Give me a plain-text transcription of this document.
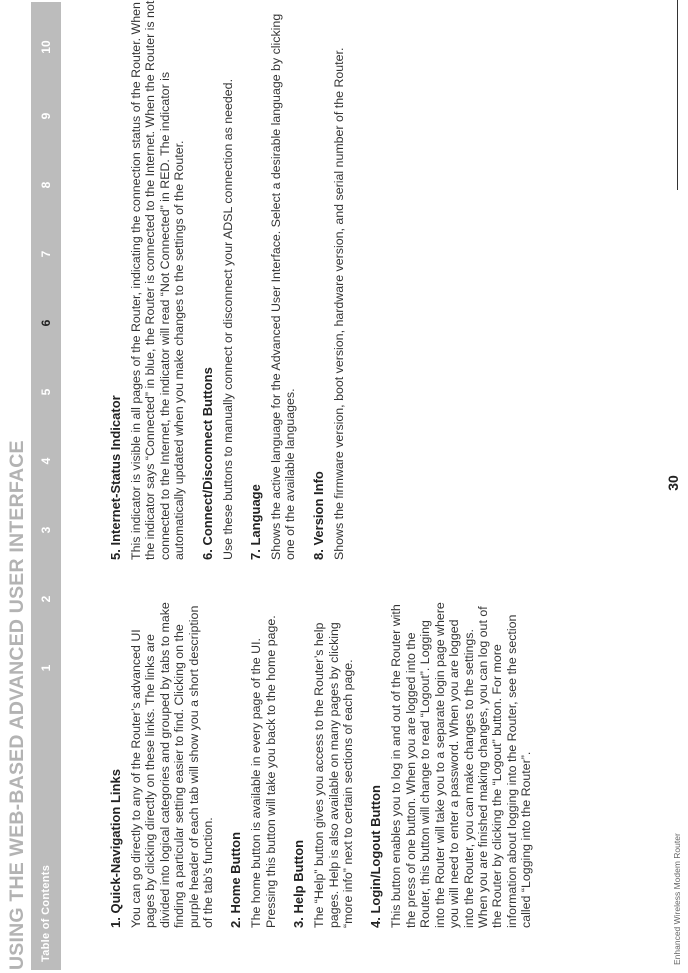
USING THE WEB-BASED ADVANCED USER INTERFACE	Table of Contents
1
2
3
4
5
6
7
8
9
10
1. Quick-Navigation Links You can go directly to any of the Router’s advanced UI pages by clicking directly on these links. The links are divided into logical categories and grouped by tabs to make finding a particular setting easier to find. Clicking on the purple header of each tab will show you a short description of the tab’s function. 2. Home Button The home button is available in every page of the UI. Pressing this button will take you back to the home page. 3. Help Button The “Help” button gives you access to the Router’s help pages. Help is also available on many pages by clicking “more info” next to certain sections of each page. 4. Login/Logout Button This button enables you to log in and out of the Router with the press of one button. When you are logged into the Router, this button will change to read “Logout”. Logging into the Router will take you to a separate login page where you will need to enter a password. When you are logged into the Router, you can make changes to the settings. When you are finished making changes, you can log out of the Router by clicking the “Logout” button. For more information about logging into the Router, see the section called “Logging into the Router”.

5. Internet-Status Indicator This indicator is visible in all pages of the Router, indicating the connection status of the Router. When the indicator says “Connected” in blue, the Router is connected to the Internet. When the Router is not connected to the Internet, the indicator will read “Not Connected” in RED. The indicator is automatically updated when you make changes to the settings of the Router. 6. Connect/Disconnect Buttons Use these buttons to manually connect or disconnect your ADSL connection as needed. 7. Language Shows the active language for the Advanced User Interface. Select a desirable language by clicking one of the available languages. 8. Version Info Shows the firmware version, boot version, hardware version, and serial number of the Router.	30
Enhanced Wireless Modem Router
